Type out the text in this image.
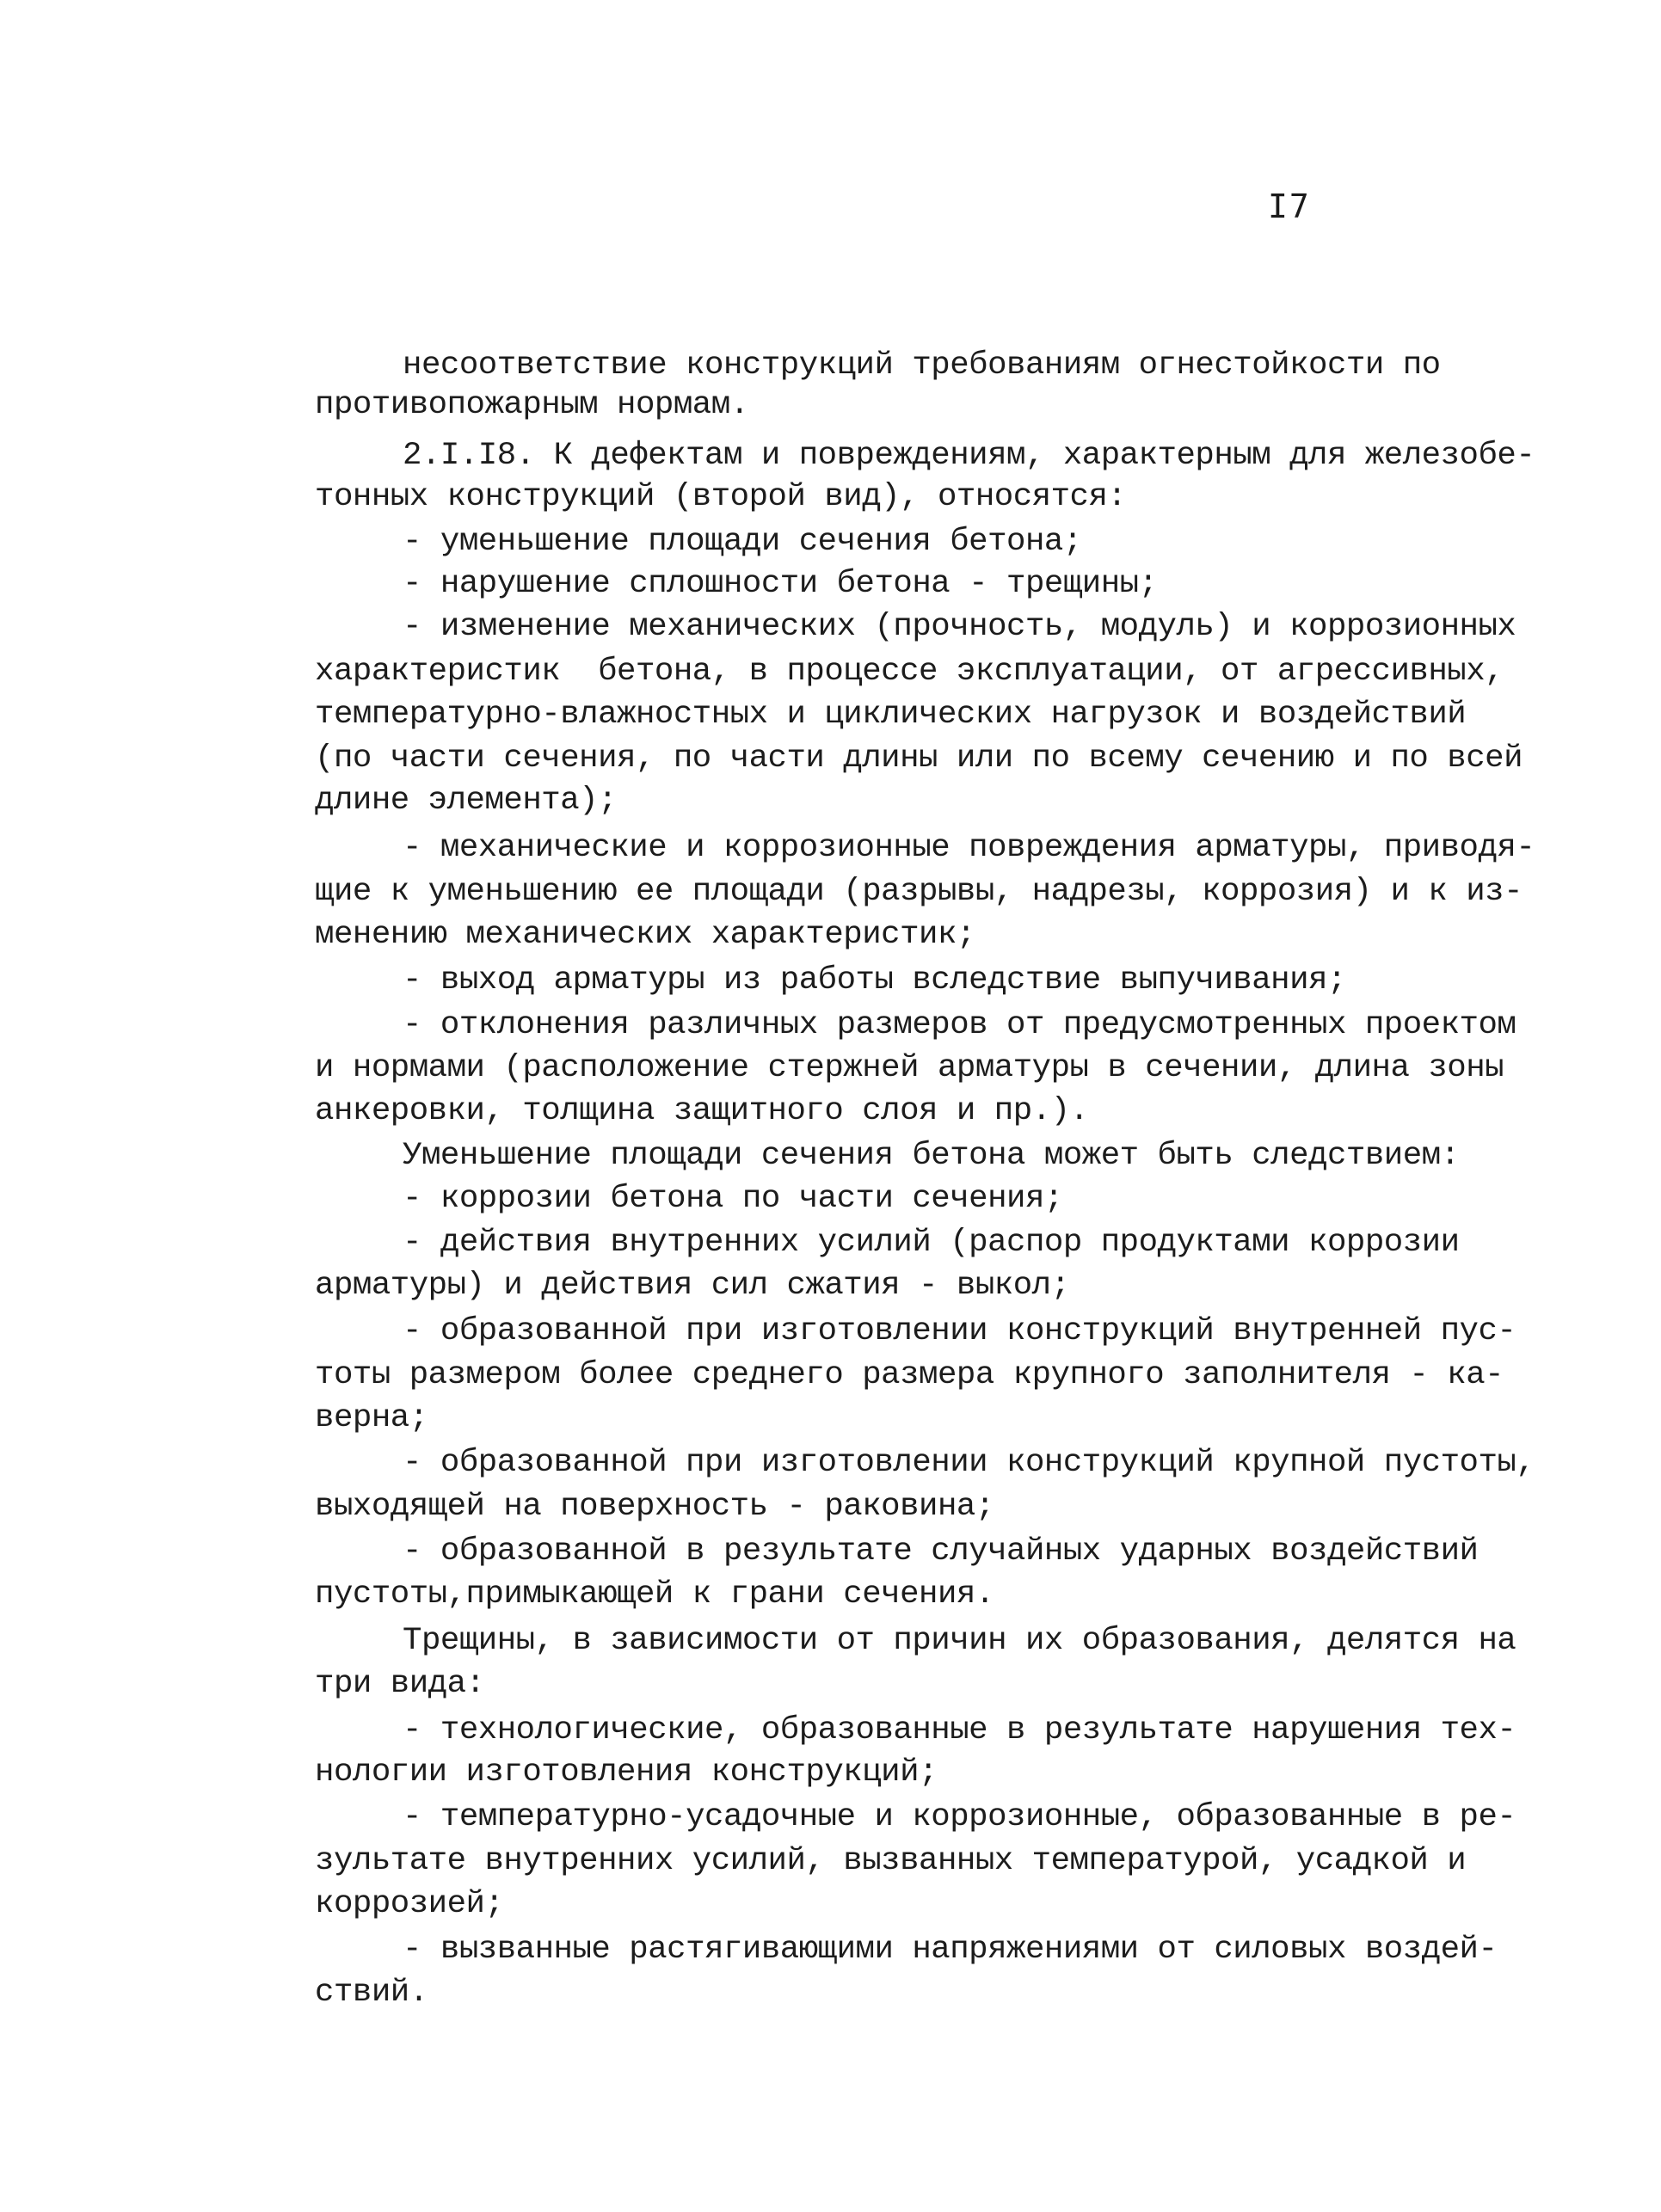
I7
несоответствие конструкций требованиям огнестойкости по
противопожарным нормам.
2.I.I8. К дефектам и повреждениям, характерным для железобе-
тонных конструкций (второй вид), относятся:
- уменьшение площади сечения бетона;
- нарушение сплошности бетона - трещины;
- изменение механических (прочность, модуль) и коррозионных
характеристик  бетона, в процессе эксплуатации, от агрессивных,
температурно-влажностных и циклических нагрузок и воздействий
(по части сечения, по части длины или по всему сечению и по всей
длине элемента);
- механические и коррозионные повреждения арматуры, приводя-
щие к уменьшению ее площади (разрывы, надрезы, коррозия) и к из-
менению механических характеристик;
- выход арматуры из работы вследствие выпучивания;
- отклонения различных размеров от предусмотренных проектом
и нормами (расположение стержней арматуры в сечении, длина зоны
анкеровки, толщина защитного слоя и пр.).
Уменьшение площади сечения бетона может быть следствием:
- коррозии бетона по части сечения;
- действия внутренних усилий (распор продуктами коррозии
арматуры) и действия сил сжатия - выкол;
- образованной при изготовлении конструкций внутренней пус-
тоты размером более среднего размера крупного заполнителя - ка-
верна;
- образованной при изготовлении конструкций крупной пустоты,
выходящей на поверхность - раковина;
- образованной в результате случайных ударных воздействий
пустоты,примыкающей к грани сечения.
Трещины, в зависимости от причин их образования, делятся на
три вида:
- технологические, образованные в результате нарушения тех-
нологии изготовления конструкций;
- температурно-усадочные и коррозионные, образованные в ре-
зультате внутренних усилий, вызванных температурой, усадкой и
коррозией;
- вызванные растягивающими напряжениями от силовых воздей-
ствий.
